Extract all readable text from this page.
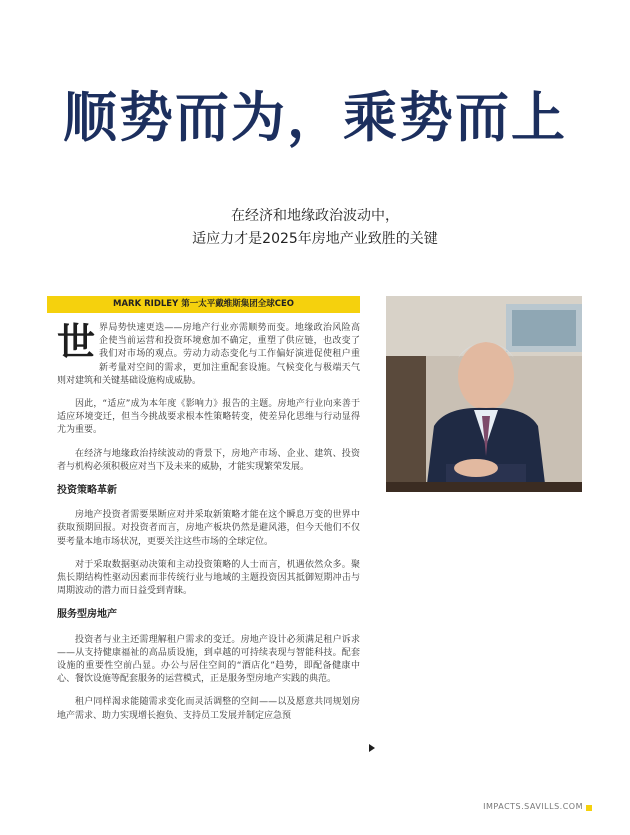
顺势而为，乘势而上
在经济和地缘政治波动中，
适应力才是2025年房地产业致胜的关键
MARK RIDLEY 第一太平戴维斯集团全球CEO
世 界局势快速更迭——房地产行业亦需顺势而变。地缘政治风险高企使当前运营和投资环境愈加不确定，重塑了供应链，也改变了我们对市场的观点。劳动力动态变化与工作偏好演进促使租户重新考量对空间的需求，更加注重配套设施。气候变化与极端天气则对建筑和关键基础设施构成威胁。

因此，“适应”成为本年度《影响力》报告的主题。房地产行业向来善于适应环境变迁，但当今挑战要求根本性策略转变，使差异化思维与行动显得尤为重要。

在经济与地缘政治持续波动的背景下，房地产市场、企业、建筑、投资者与机构必须积极应对当下及未来的威胁，才能实现繁荣发展。

投资策略革新

房地产投资者需要果断应对并采取新策略才能在这个瞬息万变的世界中获取预期回报。对投资者而言，房地产板块仍然是避风港，但今天他们不仅要考量本地市场状况，更要关注这些市场的全球定位。

对于采取数据驱动决策和主动投资策略的人士而言，机遇依然众多。聚焦长期结构性驱动因素而非传统行业与地域的主题投资因其抵御短期冲击与周期波动的潜力而日益受到青睐。

服务型房地产

投资者与业主还需理解租户需求的变迁。房地产设计必须满足租户诉求——从支持健康福祉的高品质设施，到卓越的可持续表现与智能科技。配套设施的重要性空前凸显。办公与居住空间的“酒店化”趋势，即配备健康中心、餐饮设施等配套服务的运营模式，正是服务型房地产实践的典范。

租户同样渴求能随需求变化而灵活调整的空间——以及愿意共同规划房地产需求、助力实现增长抱负、支持员工发展并制定应急预

IMPACTS.SAVILLS.COM
